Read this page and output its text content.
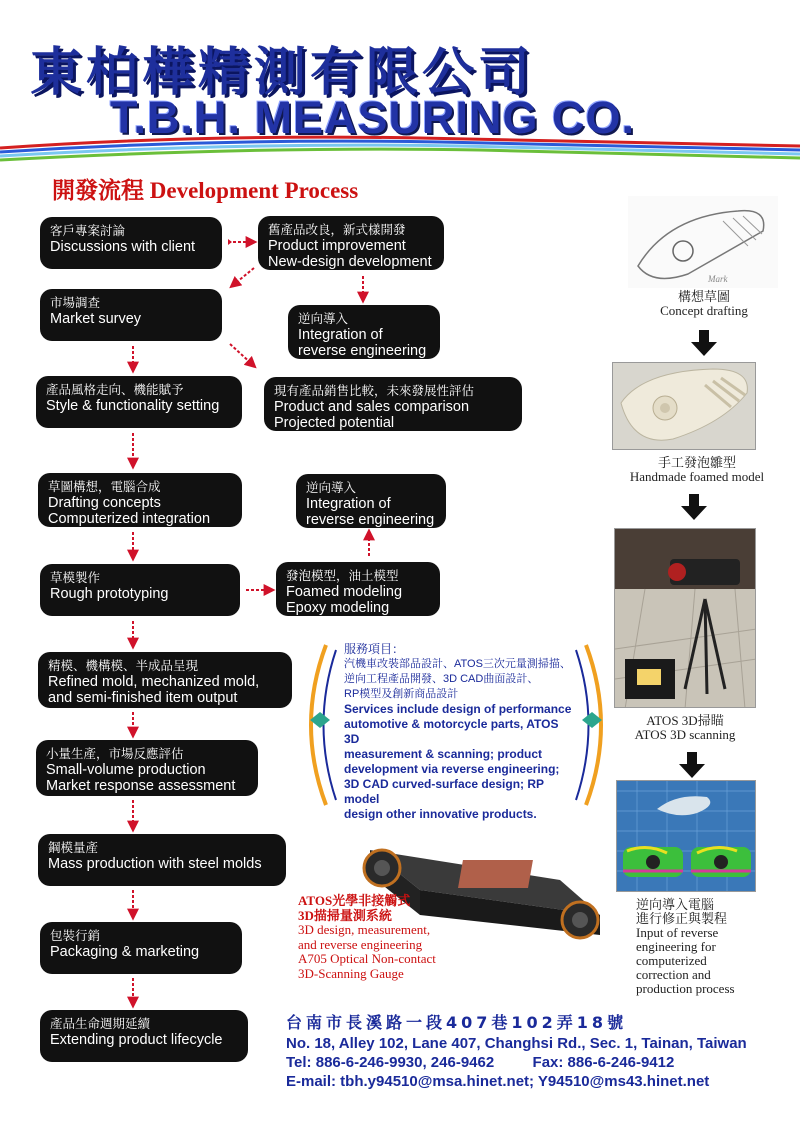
東柏樺精測有限公司
T.B.H. MEASURING CO.
開發流程 Development Process
客戶專案討論
Discussions with client
市場調查
Market survey
產品風格走向、機能賦予
Style & functionality setting
草圖構想，電腦合成
Drafting concepts
Computerized integration
草模製作
Rough prototyping
精模、機構模、半成品呈現
Refined mold, mechanized mold,
and semi-finished item output
小量生產，市場反應評估
Small-volume production
Market response assessment
鋼模量產
Mass production with steel molds
包裝行銷
Packaging & marketing
產品生命週期延續
Extending product lifecycle
舊產品改良，新式樣開發
Product improvement
New-design development
逆向導入
Integration of
reverse engineering
現有產品銷售比較，未來發展性評估
Product and sales comparison
Projected potential
逆向導入
Integration of
reverse engineering
發泡模型，油土模型
Foamed modeling
Epoxy modeling
服務項目：
汽機車改裝部品設計、ATOS三次元量測掃描、
逆向工程產品開發、3D CAD曲面設計、
RP模型及創新商品設計
Services include design of performance
automotive & motorcycle parts, ATOS 3D
measurement & scanning; product
development via reverse engineering;
3D CAD curved-surface design; RP model
design other innovative products.
ATOS光學非接觸式
3D描掃量測系統
3D design, measurement,
and reverse engineering
A705 Optical Non-contact
3D-Scanning Gauge
Mark
構想草圖
Concept drafting
手工發泡雛型
Handmade foamed model
ATOS 3D掃瞄
ATOS 3D scanning
逆向導入電腦
進行修正與製程
Input of reverse
engineering for
computerized
correction and
production process
台南市長溪路一段407巷102弄18號
No. 18, Alley 102, Lane 407, Changhsi Rd., Sec. 1, Tainan, Taiwan
Tel: 886-6-246-9930, 246-9462	Fax: 886-6-246-9412
E-mail: tbh.y94510@msa.hinet.net; Y94510@ms43.hinet.net
